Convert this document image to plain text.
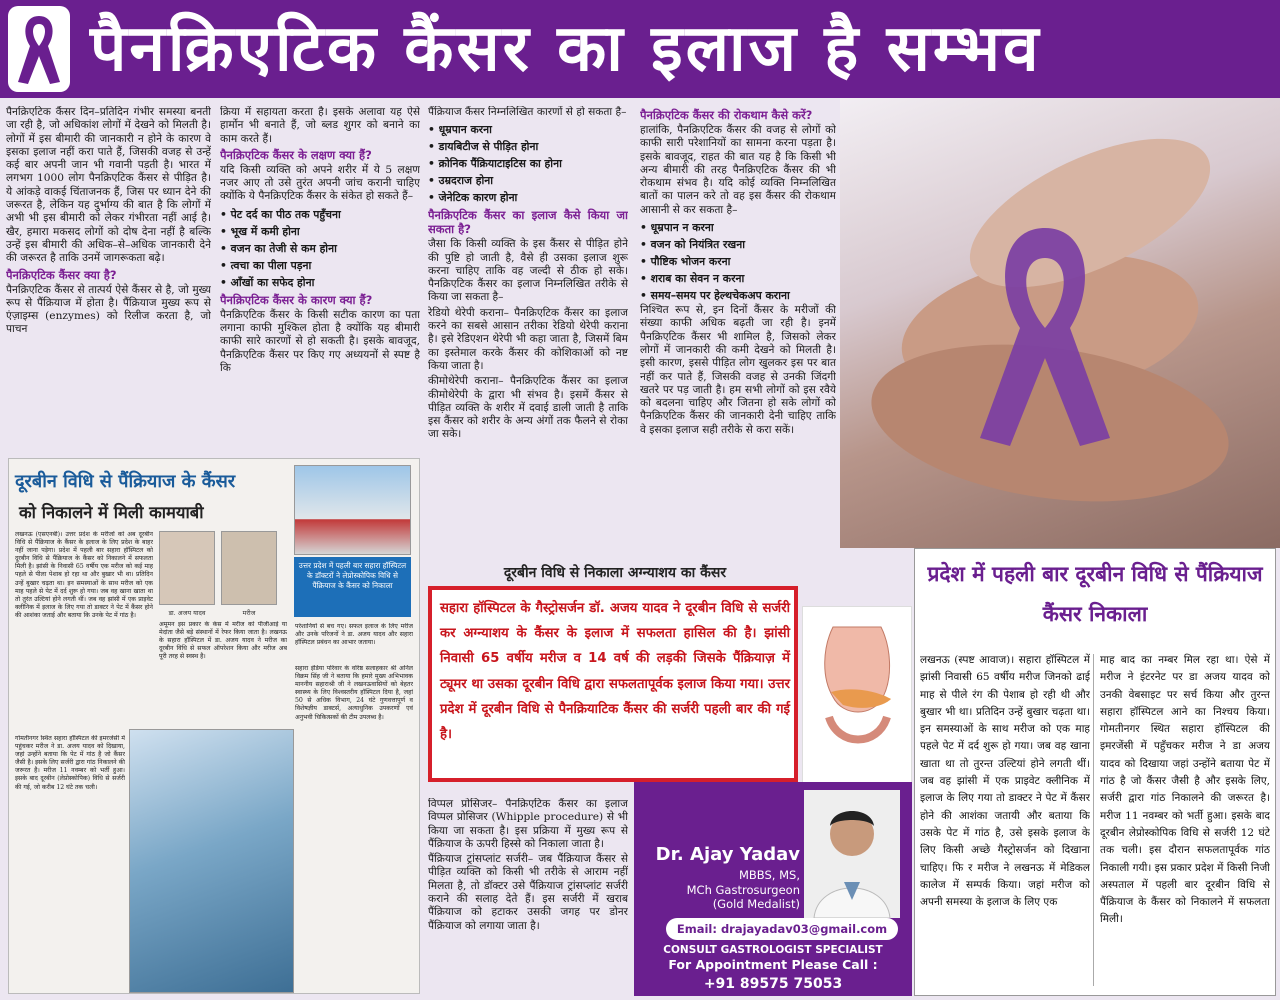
पैनक्रिएटिक कैंसर का इलाज है सम्भव

पैनक्रिएटिक कैंसर दिन–प्रतिदिन गंभीर समस्या बनती जा रही है, जो अधिकांश लोगों में देखने को मिलती है। लोगों में इस बीमारी की जानकारी न होने के कारण वे इसका इलाज नहीं करा पाते हैं, जिसकी वजह से उन्हें कई बार अपनी जान भी गवानी पड़ती है। भारत में लगभग 1000 लोग पैनक्रिएटिक कैंसर से पीड़ित है। ये आंकड़े वाकई चिंताजनक हैं, जिस पर ध्यान देने की जरूरत है, लेकिन यह दुर्भाग्य की बात है कि लोगों में अभी भी इस बीमारी को लेकर गंभीरता नहीं आई है। खैर, हमारा मकसद लोगों को दोष देना नहीं है बल्कि उन्हें इस बीमारी की अधिक–से–अधिक जानकारी देने की जरूरत है ताकि उनमें जागरूकता बढ़े।

पैनक्रिएटिक कैंसर क्या है?

पैनक्रिएटिक कैंसर से तात्पर्य ऐसे कैंसर से है, जो मुख्य रूप से पैंक्रियाज में होता है। पैंक्रियाज मुख्य रूप से एंज़ाइम्स (enzymes) को रिलीज करता है, जो पाचन

क्रिया में सहायता करता है। इसके अलावा यह ऐसे हार्मोन भी बनाते हैं, जो ब्लड शुगर को बनाने का काम करते हैं।

पैनक्रिएटिक कैंसर के लक्षण क्या हैं?

यदि किसी व्यक्ति को अपने शरीर में ये 5 लक्षण नजर आए तो उसे तुरंत अपनी जांच करानी चाहिए क्योंकि ये पैनक्रिएटिक कैंसर के संकेत हो सकते हैं–

• पेट दर्द का पीठ तक पहुँचना
• भूख में कमी होना
• वजन का तेजी से कम होना
• त्वचा का पीला पड़ना
• आँखों का सफेद होना
पैनक्रिएटिक कैंसर के कारण क्या हैं?

पैनक्रिएटिक कैंसर के किसी सटीक कारण का पता लगाना काफी मुश्किल होता है क्योंकि यह बीमारी काफी सारे कारणों से हो सकती है। इसके बावजूद, पैनक्रिएटिक कैंसर पर किए गए अध्ययनों से स्पष्ट है कि

पैंक्रियाज कैंसर निम्नलिखित कारणों से हो सकता है–

• धूम्रपान करना
• डायबिटीज से पीड़ित होना
• क्रोनिक पैंक्रियाटाइटिस का होना
• उम्रदराज होना
• जेनेटिक कारण होना
पैनक्रिएटिक कैंसर का इलाज कैसे किया जा सकता है?

जैसा कि किसी व्यक्ति के इस कैंसर से पीड़ित होने की पुष्टि हो जाती है, वैसे ही उसका इलाज शुरू करना चाहिए ताकि वह जल्दी से ठीक हो सके। पैनक्रिएटिक कैंसर का इलाज निम्नलिखित तरीके से किया जा सकता है–

रेडियो थेरेपी कराना– पैनक्रिएटिक कैंसर का इलाज करने का सबसे आसान तरीका रेडियो थेरेपी कराना है। इसे रेडिएशन थेरेपी भी कहा जाता है, जिसमें बिम का इस्तेमाल करके कैंसर की कोशिकाओं को नष्ट किया जाता है।

कीमोथेरेपी कराना– पैनक्रिएटिक कैंसर का इलाज कीमोथेरेपी के द्वारा भी संभव है। इसमें कैंसर से पीड़ित व्यक्ति के शरीर में दवाई डाली जाती है ताकि इस कैंसर को शरीर के अन्य अंगों तक फैलने से रोका जा सके।

पैनक्रिएटिक कैंसर की रोकथाम कैसे करें?

हालांकि, पैनक्रिएटिक कैंसर की वजह से लोगों को काफी सारी परेशानियों का सामना करना पड़ता है। इसके बावजूद, राहत की बात यह है कि किसी भी अन्य बीमारी की तरह पैनक्रिएटिक कैंसर की भी रोकथाम संभव है। यदि कोई व्यक्ति निम्नलिखित बातों का पालन करे तो वह इस कैंसर की रोकथाम आसानी से कर सकता है–

• धूम्रपान न करना
• वजन को नियंत्रित रखना
• पौष्टिक भोजन करना
• शराब का सेवन न करना
• समय–समय पर हेल्थचेकअप कराना

निश्चित रूप से, इन दिनों कैंसर के मरीजों की संख्या काफी अधिक बढ़ती जा रही है। इनमें पैनक्रिएटिक कैंसर भी शामिल है, जिसको लेकर लोगों में जानकारी की कमी देखने को मिलती है। इसी कारण, इससे पीड़ित लोग खुलकर इस पर बात नहीं कर पाते हैं, जिसकी वजह से उनकी जिंदगी खतरे पर पड़ जाती है। हम सभी लोगों को इस रवैये को बदलना चाहिए और जितना हो सके लोगों को पैनक्रिएटिक कैंसर की जानकारी देनी चाहिए ताकि वे इसका इलाज सही तरीके से करा सकें।

दूरबीन विधि से पैंक्रियाज के कैंसर
को निकालने में मिली कामयाबी
उत्तर प्रदेश में पहली बार सहारा हॉस्पिटल के डॉक्टरों ने लेप्रोस्कोपिक विधि से पैंक्रियाज के कैंसर को निकाला
लखनऊ (एसएनबी)। उत्तर प्रदेश के मरीजों को अब दूरबीन विधि से पैंक्रियाज के कैंसर के इलाज के लिए प्रदेश के बाहर नहीं जाना पड़ेगा। प्रदेश में पहली बार सहारा हॉस्पिटल को दूरबीन विधि से पैंक्रियाज के कैंसर को निकालने में सफलता मिली है। झांसी के निवासी 65 वर्षीय एक मरीज को कई माह पहले से पीला पेशाब हो रहा था और बुखार भी था। प्रतिदिन उन्हें बुखार चढ़ता था। इन समस्याओं के साथ मरीज को एक माह पहले से पेट में दर्द शुरू हो गया। जब वह खाना खाता था तो तुरंत उल्टियां होने लगती थीं। जब वह झांसी में एक प्राइवेट क्लीनिक में इलाज के लिए गया तो डाक्टर ने पेट में कैंसर होने की आशंका जताई और बताया कि उनके पेट में गांठ है।	डा. अजय यादव	मरीज
अमूमन इस प्रकार के केस में मरीज को पीजीआई या मेदांता जैसे बड़े संस्थानों में रेफर किया जाता है। लखनऊ के सहारा हॉस्पिटल में डा. अजय यादव ने मरीज का दूरबीन विधि से सफल ऑपरेशन किया और मरीज अब पूरी तरह से स्वस्थ है।
परेशानियों से बच गए। सफल इलाज के लिए मरीज और उनके परिजनों ने डा. अजय यादव और सहारा हॉस्पिटल प्रबंधन का आभार जताया।
सहारा इंडिया परिवार के वरिष्ठ सलाहकार श्री अनिल विक्रम सिंह जी ने बताया कि हमारे मुख्य अभिभावक माननीय सहाराश्री जी ने लखनऊवासियों को बेहतर स्वास्थ्य के लिए विश्वस्तरीय हॉस्पिटल दिया है, जहां 50 से अधिक विभाग, 24 घंटे गुणवत्तापूर्ण व विशेषज्ञीय डाक्टर्स, अत्याधुनिक उपकरणों एवं अनुभवी चिकित्सकों की टीम उपलब्ध है।
गोमतीनगर स्थित सहारा हॉस्पिटल की इमरजेंसी में पहुंचकर मरीज ने डा. अजय यादव को दिखाया, जहां उन्होंने बताया कि पेट में गांठ है जो कैंसर जैसी है। इसके लिए सर्जरी द्वारा गांठ निकालने की जरूरत है। मरीज 11 नवम्बर को भर्ती हुआ। इसके बाद दूरबीन (लेप्रोस्कोपिक) विधि से सर्जरी की गई, जो करीब 12 घंटे तक चली।
दूरबीन विधि से निकाला अग्न्याशय का कैंसर
सहारा हॉस्पिटल के गैस्ट्रोसर्जन डॉ. अजय यादव ने दूरबीन विधि से सर्जरी कर अग्न्याशय के कैंसर के इलाज में सफलता हासिल की है। झांसी निवासी 65 वर्षीय मरीज व 14 वर्ष की लड़की जिसके पैंक्रियाज़ में ट्यूमर था उसका दूरबीन विधि द्वारा सफलतापूर्वक इलाज किया गया। उत्तर प्रदेश में दूरबीन विधि से पैनक्रियाटिक कैंसर की सर्जरी पहली बार की गई है।

विप्पल प्रोसिजर– पैनक्रिएटिक कैंसर का इलाज विप्पल प्रोसिजर (Whipple procedure) से भी किया जा सकता है। इस प्रक्रिया में मुख्य रूप से पैंक्रियाज के ऊपरी हिस्से को निकाला जाता है।

पैंक्रियाज ट्रांसप्लांट सर्जरी– जब पैंक्रियाज कैंसर से पीड़ित व्यक्ति को किसी भी तरीके से आराम नहीं मिलता है, तो डॉक्टर उसे पैंक्रियाज ट्रांसप्लांट सर्जरी कराने की सलाह देते हैं। इस सर्जरी में खराब पैंक्रियाज को हटाकर उसकी जगह पर डोनर पैंक्रियाज को लगाया जाता है।

Dr. Ajay Yadav
MBBS, MS,
MCh Gastrosurgeon
(Gold Medalist)
Email: drajayadav03@gmail.com
CONSULT GASTROLOGIST SPECIALIST
For Appointment Please Call :
+91 89575 75053
प्रदेश में पहली बार दूरबीन विधि से पैंक्रियाज कैंसर निकाला
लखनऊ (स्पष्ट आवाज)। सहारा हॉस्पिटल में झांसी निवासी 65 वर्षीय मरीज जिनको ढाई माह से पीले रंग की पेशाब हो रही थी और बुखार भी था। प्रतिदिन उन्हें बुखार चढ़ता था। इन समस्याओं के साथ मरीज को एक माह पहले पेट में दर्द शुरू हो गया। जब वह खाना खाता था तो तुरन्त उल्टियां होने लगती थीं। जब वह झांसी में एक प्राइवेट क्लीनिक में इलाज के लिए गया तो डाक्टर ने पेट में कैंसर होने की आशंका जतायी और बताया कि उसके पेट में गांठ है, उसे इसके इलाज के लिए किसी अच्छे गैस्ट्रोसर्जन को दिखाना चाहिए। फि र मरीज ने लखनऊ में मेडिकल कालेज में सम्पर्क किया। जहां मरीज को अपनी समस्या के इलाज के लिए एक
माह बाद का नम्बर मिल रहा था। ऐसे में मरीज ने इंटरनेट पर डा अजय यादव को उनकी वेबसाइट पर सर्च किया और तुरन्त सहारा हॉस्पिटल आने का निश्चय किया। गोमतीनगर स्थित सहारा हॉस्पिटल की इमरजेंसी में पहुँचकर मरीज ने डा अजय यादव को दिखाया जहां उन्होंने बताया पेट में गांठ है जो कैंसर जैसी है और इसके लिए, सर्जरी द्वारा गांठ निकालने की जरूरत है। मरीज 11 नवम्बर को भर्ती हुआ। इसके बाद दूरबीन लेप्रोस्कोपिक विधि से सर्जरी 12 घंटे तक चली। इस दौरान सफलतापूर्वक गांठ निकाली गयी। इस प्रकार प्रदेश में किसी निजी अस्पताल में पहली बार दूरबीन विधि से पैंक्रियाज के कैंसर को निकालने में सफलता मिली।
